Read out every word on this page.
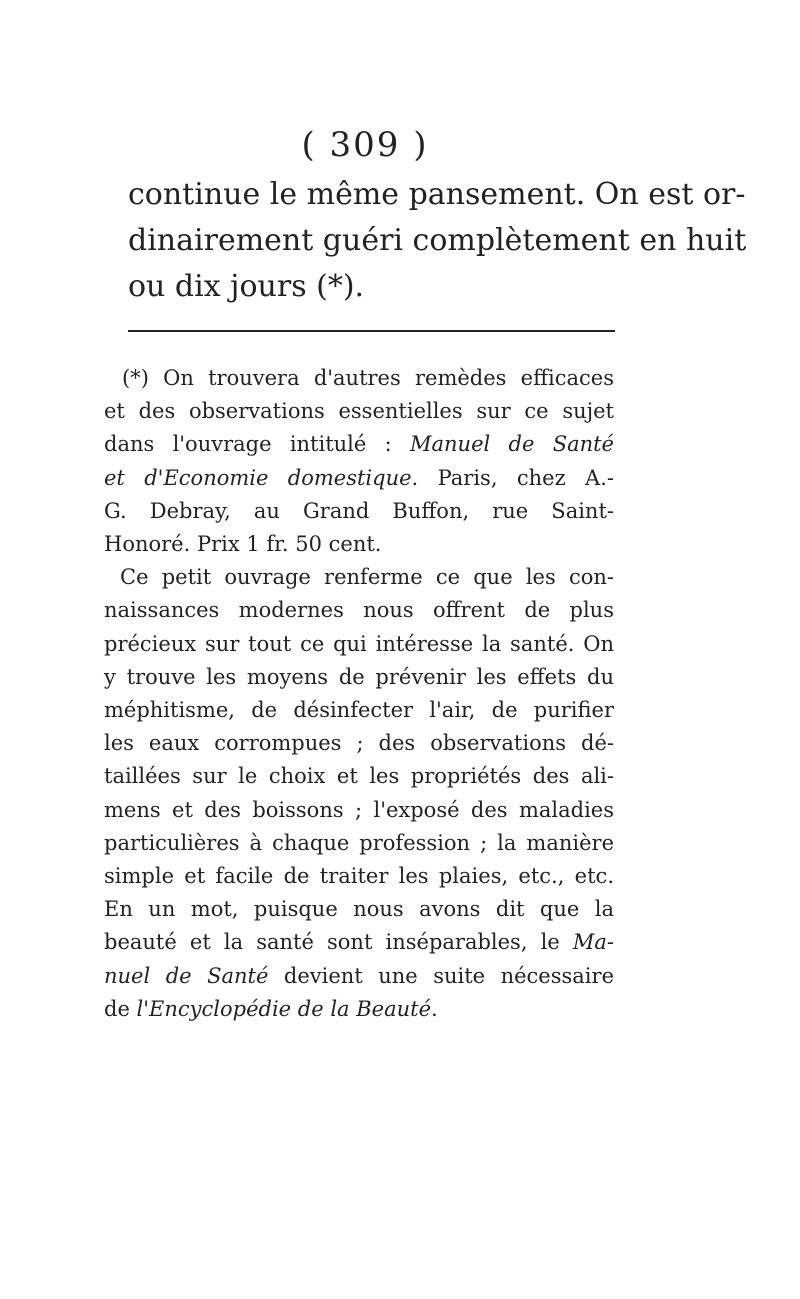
( 309 )
continue le même pansement. On est or-
dinairement guéri complètement en huit
ou dix jours (*).
(*) On trouvera d'autres remèdes efficaces
et des observations essentielles sur ce sujet
dans l'ouvrage intitulé : Manuel de Santé
et d'Economie domestique. Paris, chez A.-
G. Debray, au Grand Buffon, rue Saint-
Honoré. Prix 1 fr. 50 cent.
Ce petit ouvrage renferme ce que les con-
naissances modernes nous offrent de plus
précieux sur tout ce qui intéresse la santé. On
y trouve les moyens de prévenir les effets du
méphitisme, de désinfecter l'air, de purifier
les eaux corrompues ; des observations dé-
taillées sur le choix et les propriétés des ali-
mens et des boissons ; l'exposé des maladies
particulières à chaque profession ; la manière
simple et facile de traiter les plaies, etc., etc.
En un mot, puisque nous avons dit que la
beauté et la santé sont inséparables, le Ma-
nuel de Santé devient une suite nécessaire
de l'Encyclopédie de la Beauté.
